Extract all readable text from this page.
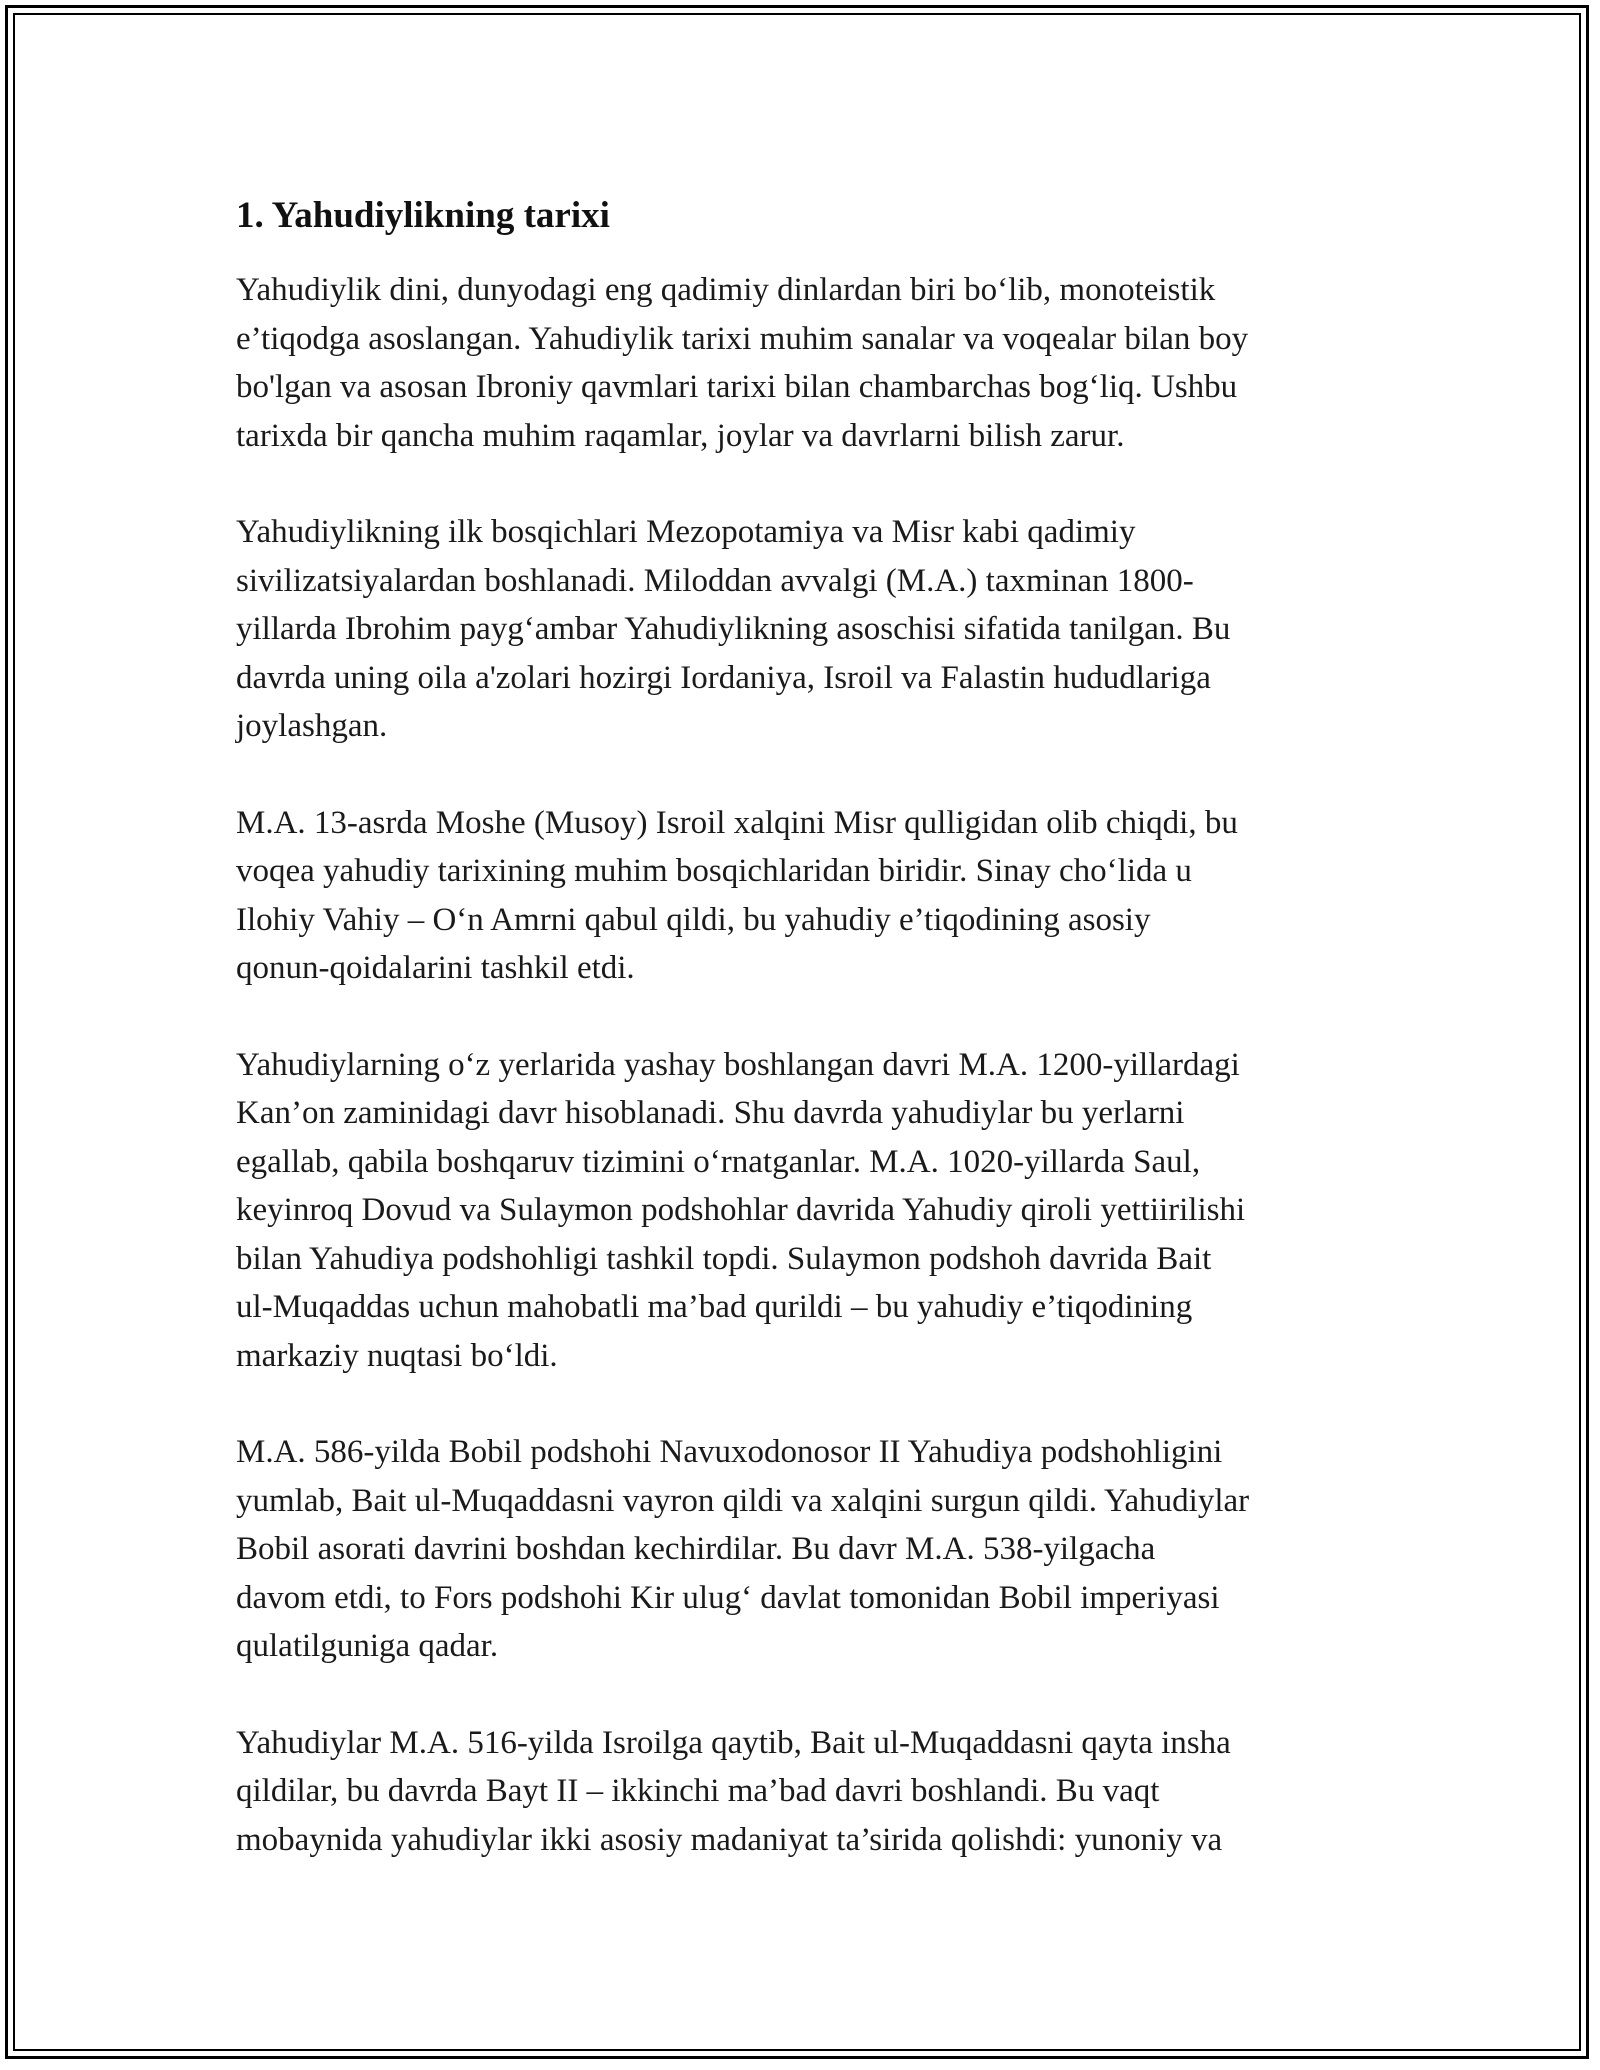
1. Yahudiylikning tarixi

Yahudiylik dini, dunyodagi eng qadimiy dinlardan biri bo‘lib, monoteistik
e’tiqodga asoslangan. Yahudiylik tarixi muhim sanalar va voqealar bilan boy
bo'lgan va asosan Ibroniy qavmlari tarixi bilan chambarchas bog‘liq. Ushbu
tarixda bir qancha muhim raqamlar, joylar va davrlarni bilish zarur.

Yahudiylikning ilk bosqichlari Mezopotamiya va Misr kabi qadimiy
sivilizatsiyalardan boshlanadi. Miloddan avvalgi (M.A.) taxminan 1800-
yillarda Ibrohim payg‘ambar Yahudiylikning asoschisi sifatida tanilgan. Bu
davrda uning oila a'zolari hozirgi Iordaniya, Isroil va Falastin hududlariga
joylashgan.

M.A. 13-asrda Moshe (Musoy) Isroil xalqini Misr qulligidan olib chiqdi, bu
voqea yahudiy tarixining muhim bosqichlaridan biridir. Sinay cho‘lida u
Ilohiy Vahiy – O‘n Amrni qabul qildi, bu yahudiy e’tiqodining asosiy
qonun-qoidalarini tashkil etdi.

Yahudiylarning o‘z yerlarida yashay boshlangan davri M.A. 1200-yillardagi
Kan’on zaminidagi davr hisoblanadi. Shu davrda yahudiylar bu yerlarni
egallab, qabila boshqaruv tizimini o‘rnatganlar. M.A. 1020-yillarda Saul,
keyinroq Dovud va Sulaymon podshohlar davrida Yahudiy qiroli yettiirilishi
bilan Yahudiya podshohligi tashkil topdi. Sulaymon podshoh davrida Bait
ul-Muqaddas uchun mahobatli ma’bad qurildi – bu yahudiy e’tiqodining
markaziy nuqtasi bo‘ldi.

M.A. 586-yilda Bobil podshohi Navuxodonosor II Yahudiya podshohligini
yumlab, Bait ul-Muqaddasni vayron qildi va xalqini surgun qildi. Yahudiylar
Bobil asorati davrini boshdan kechirdilar. Bu davr M.A. 538-yilgacha
davom etdi, to Fors podshohi Kir ulug‘ davlat tomonidan Bobil imperiyasi
qulatilguniga qadar.

Yahudiylar M.A. 516-yilda Isroilga qaytib, Bait ul-Muqaddasni qayta insha
qildilar, bu davrda Bayt II – ikkinchi ma’bad davri boshlandi. Bu vaqt
mobaynida yahudiylar ikki asosiy madaniyat ta’sirida qolishdi: yunoniy va
